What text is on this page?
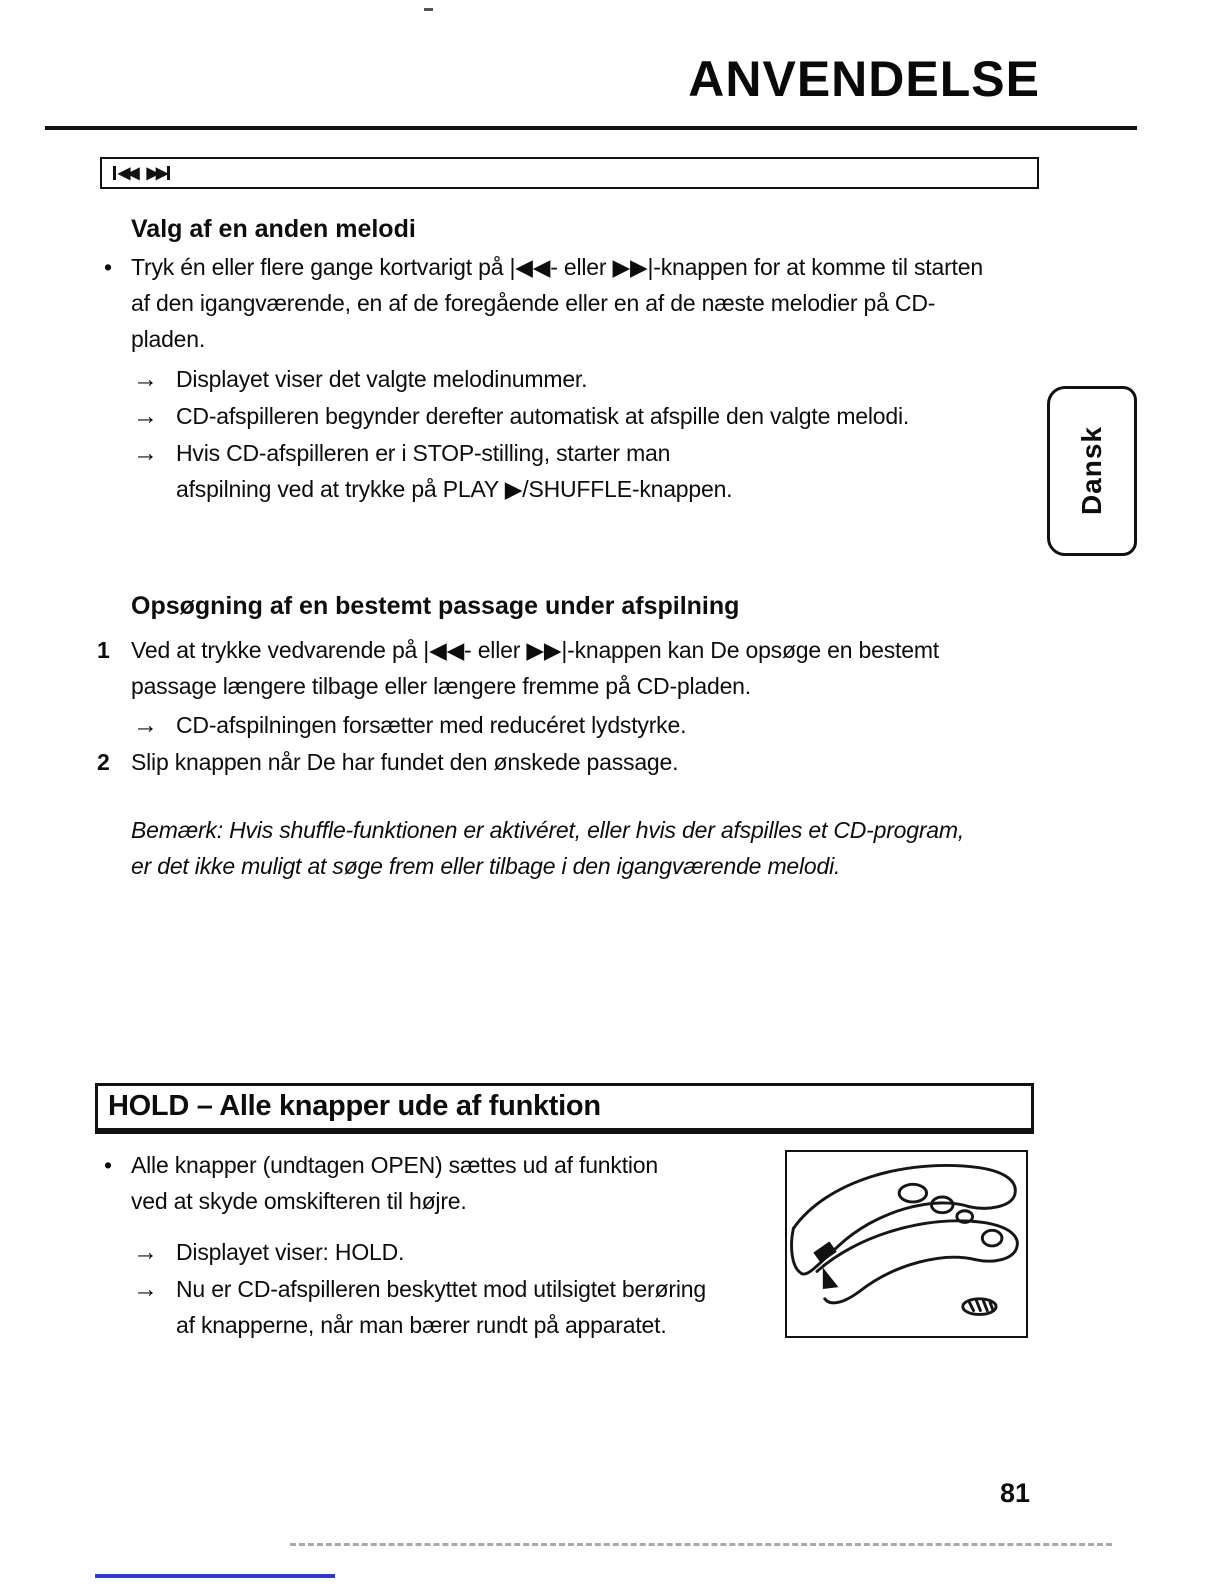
ANVENDELSE
◀◀ ▶▶
Valg af en anden melodi
• Tryk én eller flere gange kortvarigt på |◀◀- eller ▶▶|-knappen for at komme til starten
af den igangværende, en af de foregående eller en af de næste melodier på CD-
pladen.
→ Displayet viser det valgte melodinummer.
→ CD-afspilleren begynder derefter automatisk at afspille den valgte melodi.
→ Hvis CD-afspilleren er i STOP-stilling, starter man
afspilning ved at trykke på PLAY ▶/SHUFFLE-knappen.	Dansk
Opsøgning af en bestemt passage under afspilning
1 Ved at trykke vedvarende på |◀◀- eller ▶▶|-knappen kan De opsøge en bestemt
passage længere tilbage eller længere fremme på CD-pladen.
→ CD-afspilningen forsætter med reducéret lydstyrke.
2 Slip knappen når De har fundet den ønskede passage.
Bemærk: Hvis shuffle-funktionen er aktivéret, eller hvis der afspilles et CD-program,
er det ikke muligt at søge frem eller tilbage i den igangværende melodi.
HOLD – Alle knapper ude af funktion
• Alle knapper (undtagen OPEN) sættes ud af funktion
ved at skyde omskifteren til højre.
→ Displayet viser: HOLD.
→ Nu er CD-afspilleren beskyttet mod utilsigtet berøring
af knapperne, når man bærer rundt på apparatet.
81
